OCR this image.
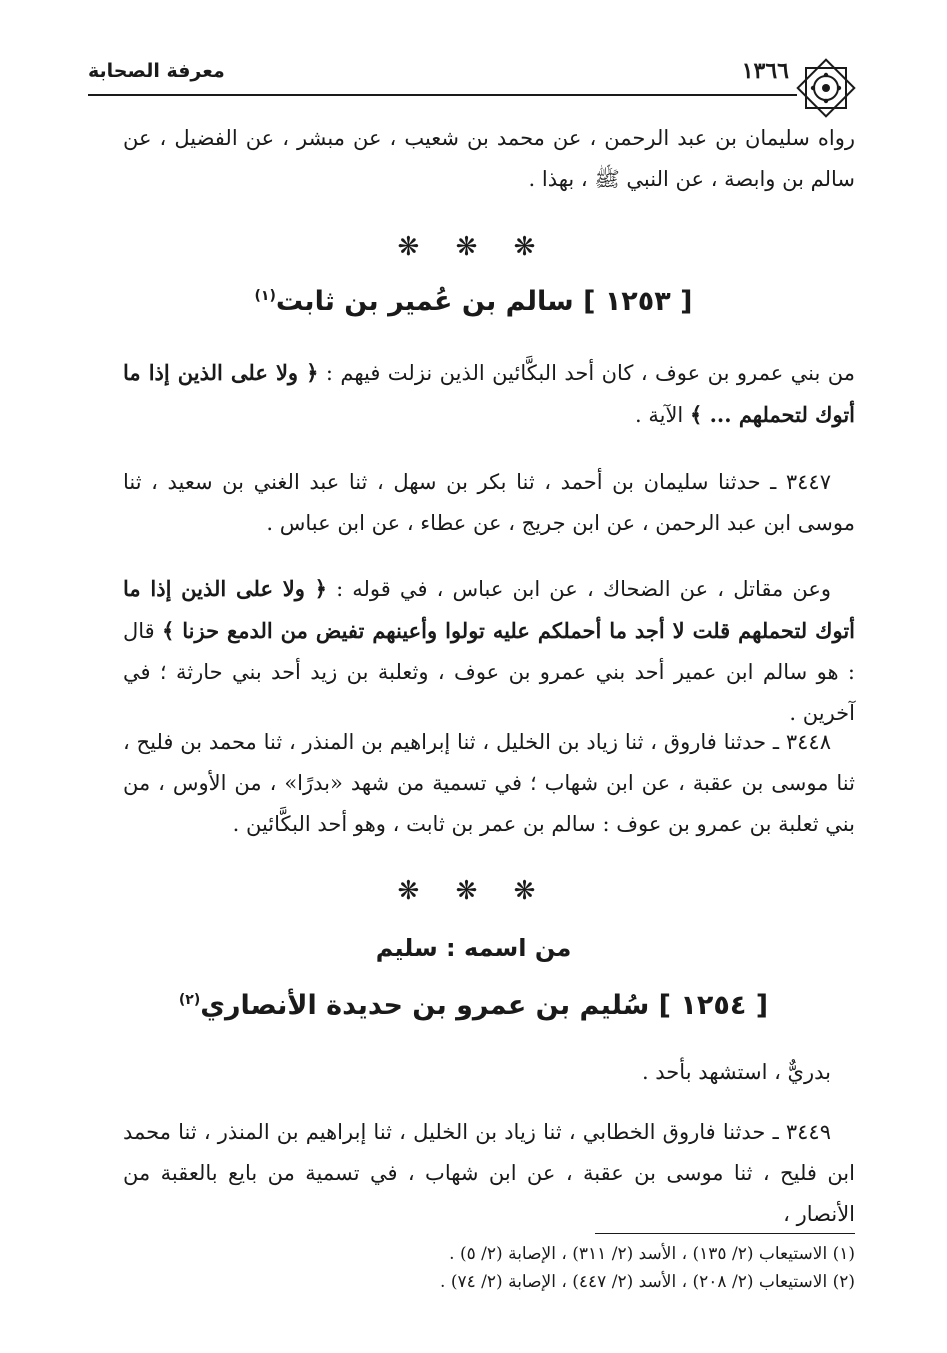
١٣٦٦
معرفة الصحابة

رواه سليمان بن عبد الرحمن ، عن محمد بن شعيب ، عن مبشر ، عن الفضيل ، عن سالم بن وابصة ، عن النبي ﷺ ، بهذا .

❋ ❋ ❋
[ ١٢٥٣ ] سالم بن عُمير بن ثابت$^{(١)}$

من بني عمرو بن عوف ، كان أحد البكَّائين الذين نزلت فيهم : ﴿ ولا على الذين إذا ما أتوك لتحملهم ... ﴾ الآية .

٣٤٤٧ ـ حدثنا سليمان بن أحمد ، ثنا بكر بن سهل ، ثنا عبد الغني بن سعيد ، ثنا موسى ابن عبد الرحمن ، عن ابن جريج ، عن عطاء ، عن ابن عباس .

وعن مقاتل ، عن الضحاك ، عن ابن عباس ، في قوله : ﴿ ولا على الذين إذا ما أتوك لتحملهم قلت لا أجد ما أحملكم عليه تولوا وأعينهم تفيض من الدمع حزنا ﴾ قال : هو سالم ابن عمير أحد بني عمرو بن عوف ، وثعلبة بن زيد أحد بني حارثة ؛ في آخرين .

٣٤٤٨ ـ حدثنا فاروق ، ثنا زياد بن الخليل ، ثنا إبراهيم بن المنذر ، ثنا محمد بن فليح ، ثنا موسى بن عقبة ، عن ابن شهاب ؛ في تسمية من شهد «بدرًا» ، من الأوس ، من بني ثعلبة بن عمرو بن عوف : سالم بن عمر بن ثابت ، وهو أحد البكَّائين .

❋ ❋ ❋
من اسمه : سليم
[ ١٢٥٤ ] سُليم بن عمرو بن حديدة الأنصاري$^{(٢)}$

بدريٌّ ، استشهد بأحد .

٣٤٤٩ ـ حدثنا فاروق الخطابي ، ثنا زياد بن الخليل ، ثنا إبراهيم بن المنذر ، ثنا محمد ابن فليح ، ثنا موسى بن عقبة ، عن ابن شهاب ، في تسمية من بايع بالعقبة من الأنصار ،

(١) الاستيعاب (٢/ ١٣٥) ، الأسد (٢/ ٣١١) ، الإصابة (٢/ ٥) .
(٢) الاستيعاب (٢/ ٢٠٨) ، الأسد (٢/ ٤٤٧) ، الإصابة (٢/ ٧٤) .
